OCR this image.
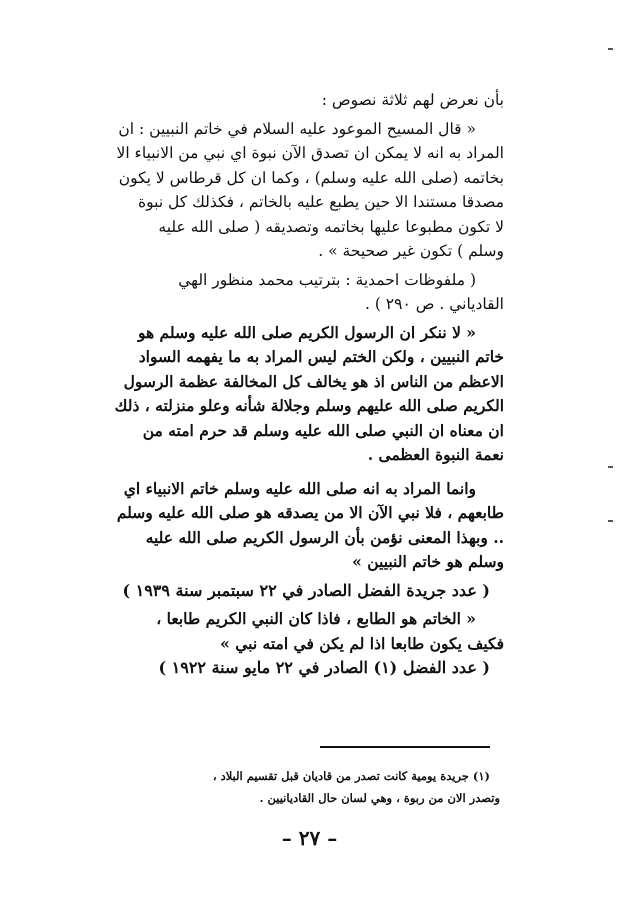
بأن نعرض لهم ثلاثة نصوص :
« قال المسيح الموعود عليه السلام في خاتم النبيين : ان
المراد به انه لا يمكن ان تصدق الآن نبوة اي نبي من الانبياء الا
بخاتمه (صلى الله عليه وسلم) ، وكما ان كل قرطاس لا يكون
مصدقا مستندا الا حين يطبع عليه بالخاتم ، فكذلك كل نبوة
لا تكون مطبوعا عليها بخاتمه وتصديقه ( صلى الله عليه
وسلم ) تكون غير صحيحة » .
( ملفوظات احمدية : بترتيب محمد منظور الهي
القادياني . ص ٢٩٠ ) .
« لا ننكر ان الرسول الكريم صلى الله عليه وسلم هو
خاتم النبيين ، ولكن الختم ليس المراد به ما يفهمه السواد
الاعظم من الناس اذ هو يخالف كل المخالفة عظمة الرسول
الكريم صلى الله عليهم وسلم وجلالة شأنه وعلو منزلته ، ذلك
ان معناه ان النبي صلى الله عليه وسلم قد حرم امته من
نعمة النبوة العظمى .
وانما المراد به انه صلى الله عليه وسلم خاتم الانبياء اي
طابعهم ، فلا نبي الآن الا من يصدقه هو صلى الله عليه وسلم
.. وبهذا المعنى نؤمن بأن الرسول الكريم صلى الله عليه
وسلم هو خاتم النبيين »
( عدد جريدة الفضل الصادر في ٢٢ سبتمبر سنة ١٩٣٩ )
« الخاتم هو الطابع ، فاذا كان النبي الكريم طابعا ،
فكيف يكون طابعا اذا لم يكن في امته نبي »
( عدد الفضل (١) الصادر في ٢٢ مايو سنة ١٩٢٢ )
(١) جريدة يومية كانت تصدر من قاديان قبل تقسيم البلاد ،
وتصدر الان من ربوة ، وهي لسان حال القاديانيين .
– ٢٧ –
